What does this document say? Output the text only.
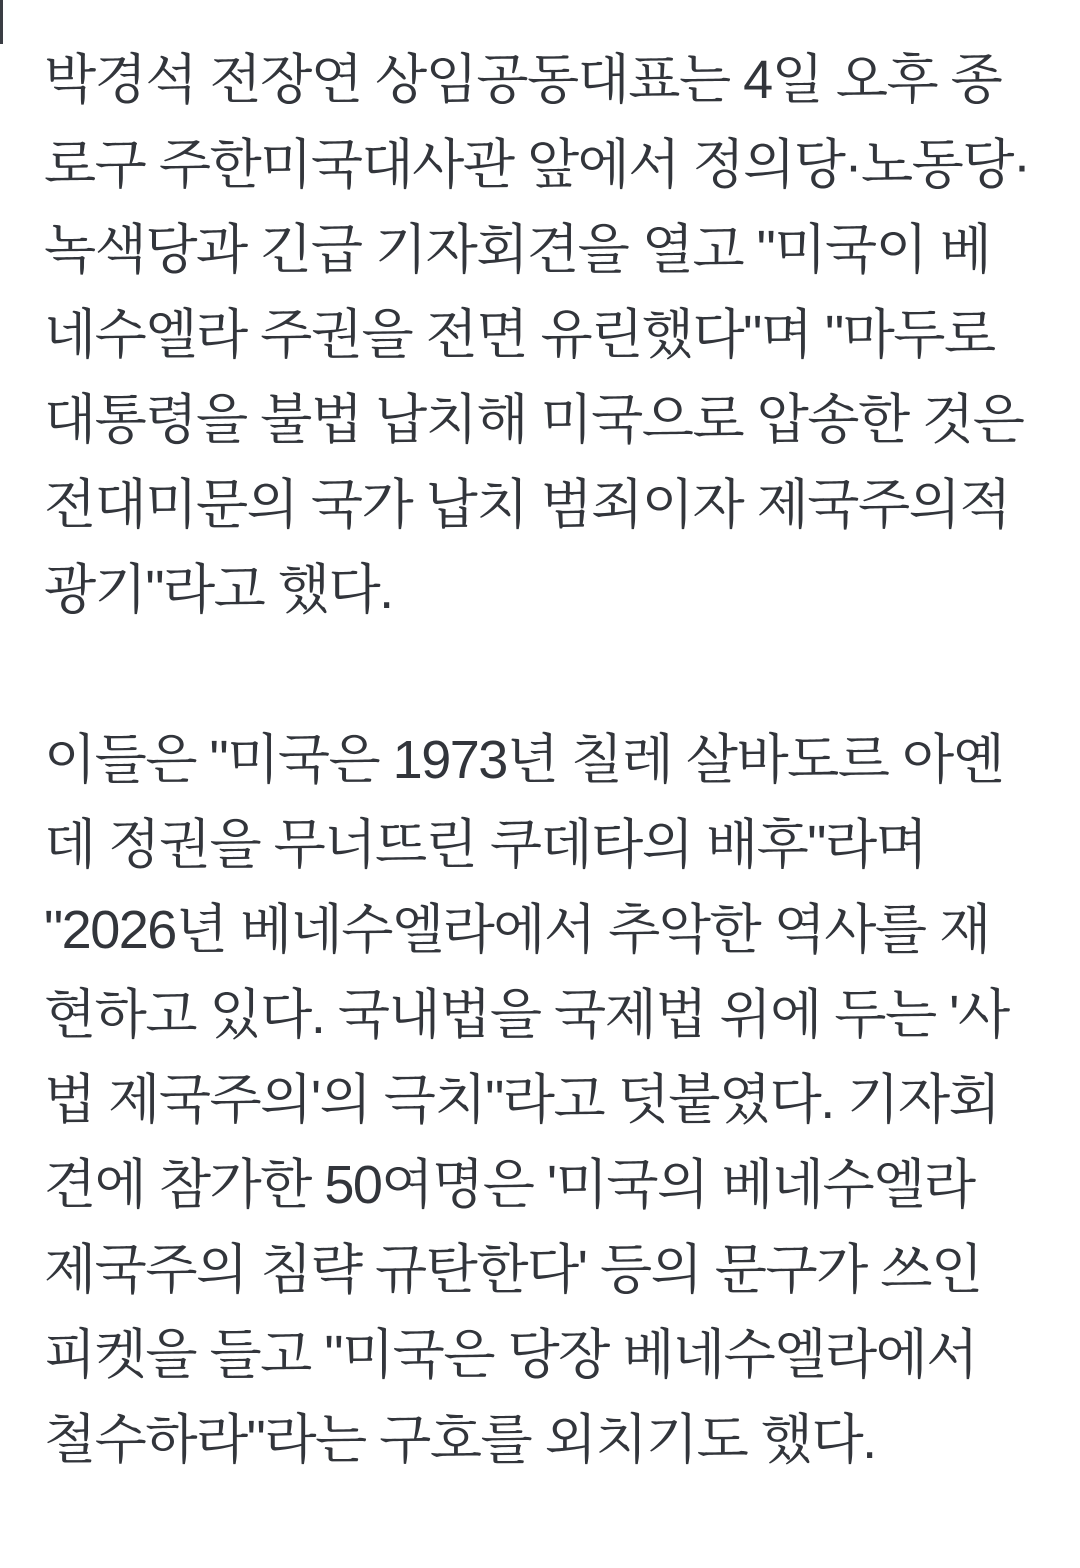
박경석 전장연 상임공동대표는 4일 오후 종로구 주한미국대사관 앞에서 정의당·노동당·녹색당과 긴급 기자회견을 열고 "미국이 베네수엘라 주권을 전면 유린했다"며 "마두로 대통령을 불법 납치해 미국으로 압송한 것은 전대미문의 국가 납치 범죄이자 제국주의적 광기"라고 했다.

이들은 "미국은 1973년 칠레 살바도르 아옌데 정권을 무너뜨린 쿠데타의 배후"라며 "2026년 베네수엘라에서 추악한 역사를 재현하고 있다. 국내법을 국제법 위에 두는 '사법 제국주의'의 극치"라고 덧붙였다. 기자회견에 참가한 50여명은 '미국의 베네수엘라 제국주의 침략 규탄한다' 등의 문구가 쓰인 피켓을 들고 "미국은 당장 베네수엘라에서 철수하라"라는 구호를 외치기도 했다.
